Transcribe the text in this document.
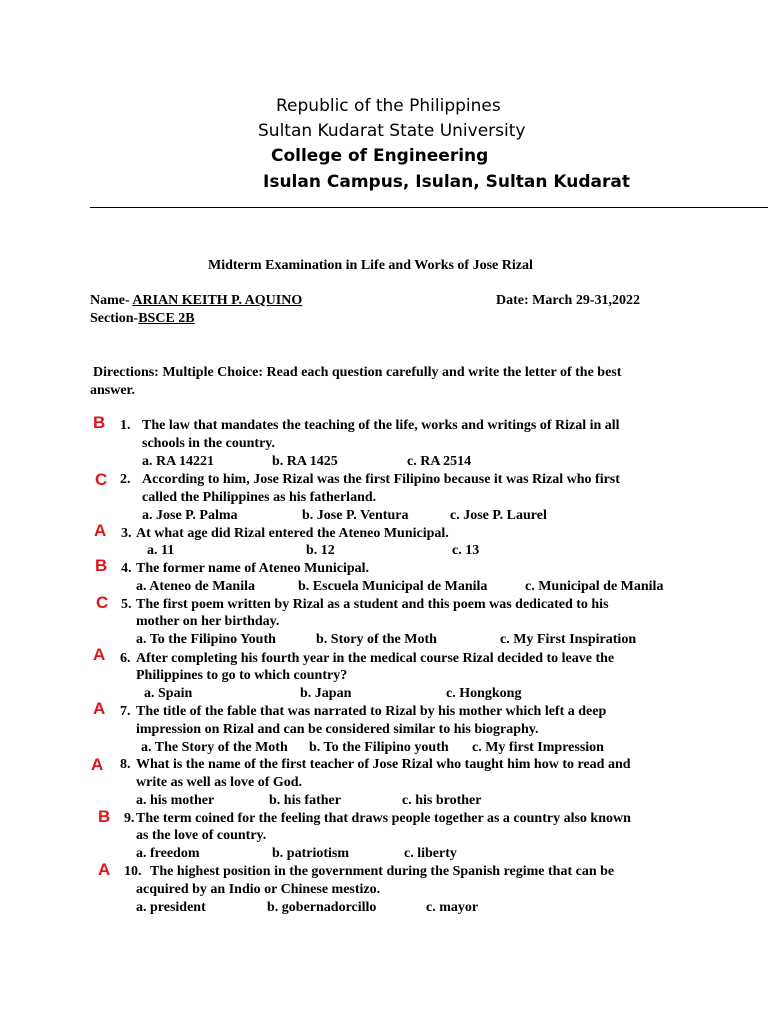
Republic of the Philippines
Sultan Kudarat State University
College of Engineering
Isulan Campus, Isulan, Sultan Kudarat
Midterm Examination in Life and Works of Jose Rizal
Name- ARIAN KEITH P. AQUINO	Date: March 29-31,2022
Section-BSCE 2B
Directions: Multiple Choice: Read each question carefully and write the letter of the best
answer.
B 1. The law that mandates the teaching of the life, works and writings of Rizal in all
schools in the country.
a. RA 14221	b. RA 1425	c. RA 2514
C 2. According to him, Jose Rizal was the first Filipino because it was Rizal who first
called the Philippines as his fatherland.
a. Jose P. Palma	b. Jose P. Ventura	c. Jose P. Laurel
A 3. At what age did Rizal entered the Ateneo Municipal.
a. 11	b. 12	c. 13
B 4. The former name of Ateneo Municipal.
a. Ateneo de Manila	b. Escuela Municipal de Manila	c. Municipal de Manila
C 5. The first poem written by Rizal as a student and this poem was dedicated to his
mother on her birthday.
a. To the Filipino Youth	b. Story of the Moth	c. My First Inspiration
A 6. After completing his fourth year in the medical course Rizal decided to leave the
Philippines to go to which country?
a. Spain	b. Japan	c. Hongkong
A 7. The title of the fable that was narrated to Rizal by his mother which left a deep
impression on Rizal and can be considered similar to his biography.
a. The Story of the Moth b. To the Filipino youth c. My first Impression
A 8. What is the name of the first teacher of Jose Rizal who taught him how to read and
write as well as love of God.
a. his mother	b. his father	c. his brother
B 9. The term coined for the feeling that draws people together as a country also known
as the love of country.
a. freedom	b. patriotism	c. liberty
A 10. The highest position in the government during the Spanish regime that can be
acquired by an Indio or Chinese mestizo.
a. president	b. gobernadorcillo	c. mayor
